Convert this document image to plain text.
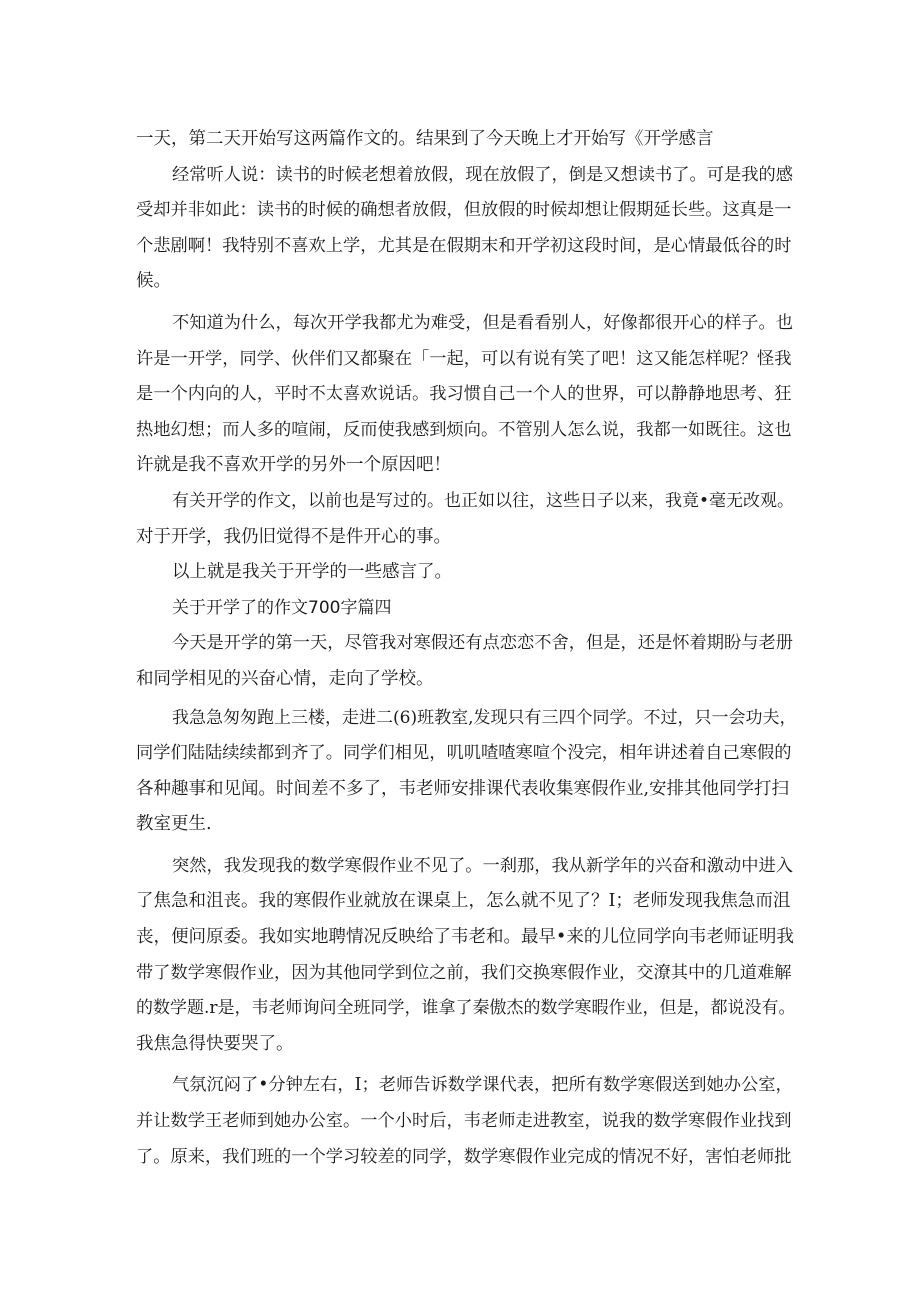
一天，第二天开始写这两篇作文的。结果到了今天晚上才开始写《开学感言
经常听人说：读书的时候老想着放假，现在放假了，倒是又想读书了。可是我的感
受却并非如此：读书的时候的确想者放假，但放假的时候却想让假期延长些。这真是一
个悲剧啊！我特别不喜欢上学，尤其是在假期末和开学初这段时间，是心情最低谷的时
候。
不知道为什么，每次开学我都尤为难受，但是看看别人，好像都很开心的样子。也
许是一开学，同学、伙伴们又都聚在「一起，可以有说有笑了吧！这又能怎样呢？怪我
是一个内向的人，平时不太喜欢说话。我习惯自己一个人的世界，可以静静地思考、狂
热地幻想；而人多的喧闹，反而使我感到烦向。不管别人怎么说，我都一如既往。这也
许就是我不喜欢开学的另外一个原因吧！
有关开学的作文，以前也是写过的。也正如以往，这些日子以来，我竟•毫无改观。
对于开学，我仍旧觉得不是件开心的事。
以上就是我关于开学的一些感言了。
关于开学了的作文700字篇四
今天是开学的第一天，尽管我对寒假还有点恋恋不舍，但是，还是怀着期盼与老册
和同学相见的兴奋心情，走向了学校。
我急急匆匆跑上三楼，走进二(6)班教室,发现只有三四个同学。不过，只一会功夫，
同学们陆陆续续都到齐了。同学们相见，叽叽喳喳寒喧个没完，相年讲述着自己寒假的
各种趣事和见闻。时间差不多了，韦老师安排课代表收集寒假作业,安排其他同学打扫
教室更生.
突然，我发现我的数学寒假作业不见了。一刹那，我从新学年的兴奋和激动中进入
了焦急和沮丧。我的寒假作业就放在课桌上，怎么就不见了？I；老师发现我焦急而沮
丧，便问原委。我如实地聘情况反映给了韦老和。最早•来的儿位同学向韦老师证明我
带了数学寒假作业，因为其他同学到位之前，我们交换寒假作业，交潦其中的几道难解
的数学题.r是，韦老师询问全班同学，谁拿了秦傲杰的数学寒暇作业，但是，都说没有。
我焦急得快要哭了。
气氛沉闷了•分钟左右，I；老师告诉数学课代表，把所有数学寒假送到她办公室，
并让数学王老师到她办公室。一个小时后，韦老师走进教室，说我的数学寒假作业找到
了。原来，我们班的一个学习较差的同学，数学寒假作业完成的情况不好，害怕老师批
